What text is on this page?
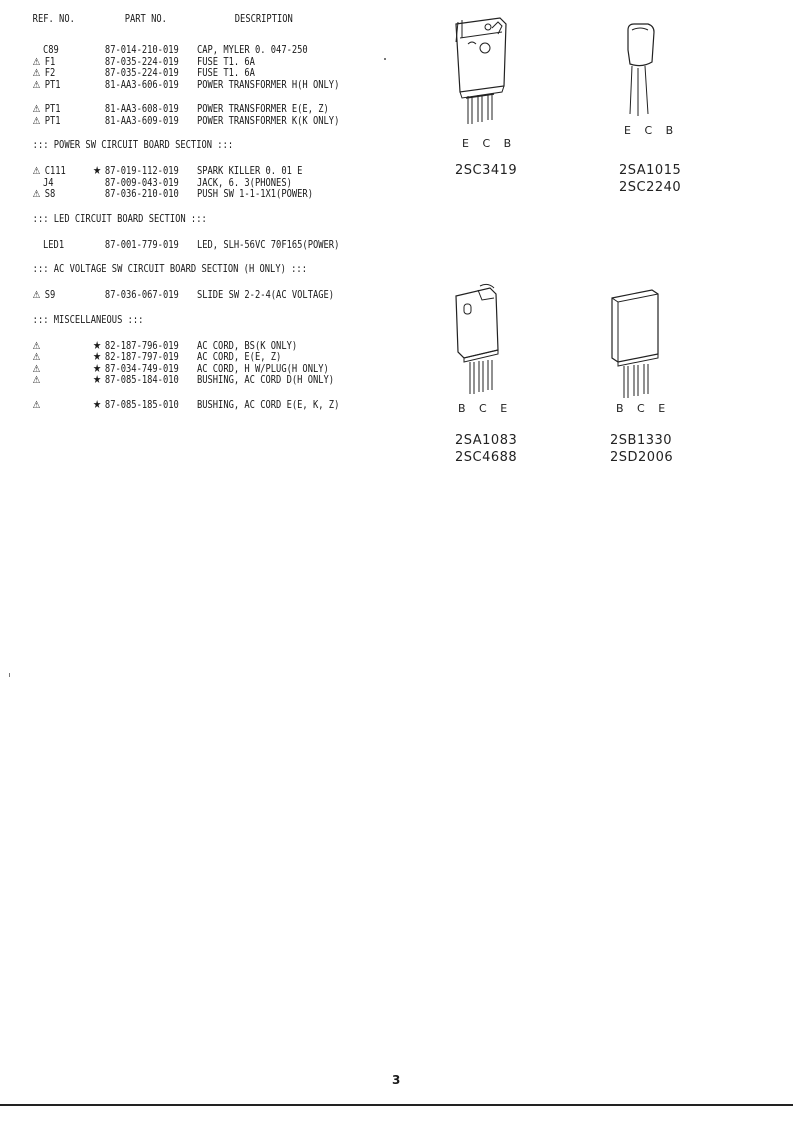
REF. NO.	PART NO.	DESCRIPTION
C89	87-014-210-019 CAP, MYLER 0. 047-250
⚠ F1	87-035-224-019 FUSE T1. 6A
⚠ F2	87-035-224-019 FUSE T1. 6A
⚠ PT1	81-AA3-606-019 POWER TRANSFORMER H(H ONLY)
⚠ PT1	81-AA3-608-019 POWER TRANSFORMER E(E, Z)
⚠ PT1	81-AA3-609-019 POWER TRANSFORMER K(K ONLY)
::: POWER SW CIRCUIT BOARD SECTION :::
⚠ C111 ★ 87-019-112-019 SPARK KILLER 0. 01 E
J4	87-009-043-019 JACK, 6. 3(PHONES)
⚠ S8	87-036-210-010 PUSH SW 1-1-1X1(POWER)
::: LED CIRCUIT BOARD SECTION :::
LED1	87-001-779-019 LED, SLH-56VC 70F165(POWER)
::: AC VOLTAGE SW CIRCUIT BOARD SECTION (H ONLY) :::
⚠ S9	87-036-067-019 SLIDE SW 2-2-4(AC VOLTAGE)
::: MISCELLANEOUS :::
⚠	★ 82-187-796-019 AC CORD, BS(K ONLY)
⚠	★ 82-187-797-019 AC CORD, E(E, Z)
⚠	★ 87-034-749-019 AC CORD, H W/PLUG(H ONLY)
⚠	★ 87-085-184-010 BUSHING, AC CORD D(H ONLY)
⚠	★ 87-085-185-010 BUSHING, AC CORD E(E, K, Z)
E C B
2SC3419
E C B
2SA1015
2SC2240
B C E
2SA1083
2SC4688
B C E
2SB1330
2SD2006
3
